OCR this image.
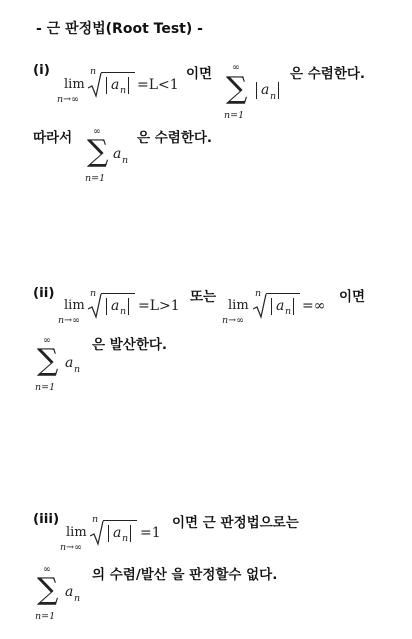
- 근 판정법(Root Test) -
(i)
lim
n→∞
n
a n =L<1
이면 ∞
∑
n=1
a n
은 수렴한다.
따라서 ∞
∑
n=1
a n
은 수렴한다.
(ii)
lim
n→∞
n
a n =L>1
또는
lim
n→∞
n
a n =∞
이면
∞
∑
n=1
a n
은 발산한다.
(iii)
lim
n→∞
n
a n =1
이면 근 판정법으로는
∞
∑
n=1
a n
의 수렴/발산 을 판정할수 없다.
